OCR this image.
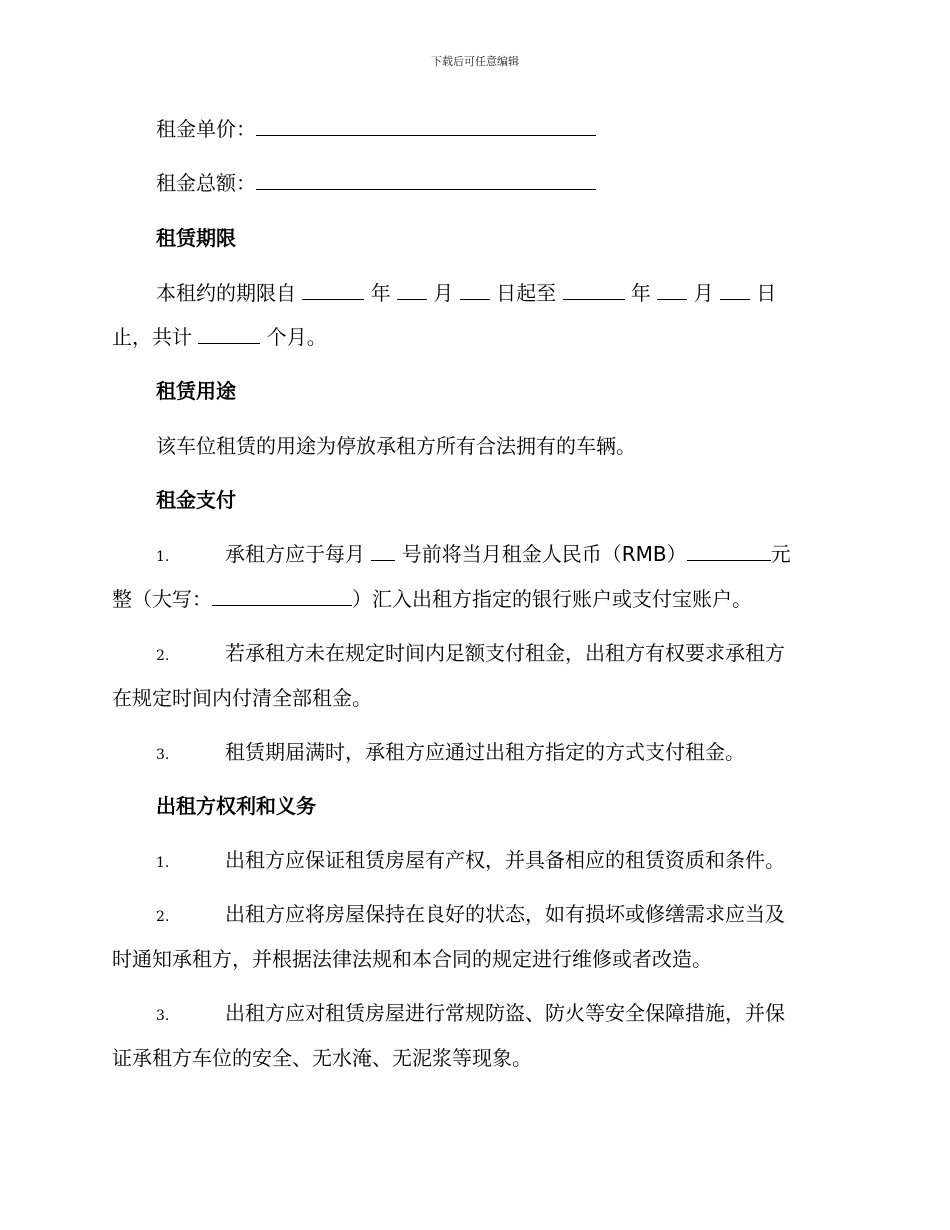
下载后可任意编辑
租金单价：
租金总额：
租赁期限
本租约的期限自	年  月  日起至	年  月  日
止，共计	个月。
租赁用途
该车位租赁的用途为停放承租方所有合法拥有的车辆。
租金支付
1.	承租方应于每月  号前将当月租金人民币（RMB）	元
整（大写：	）汇入出租方指定的银行账户或支付宝账户。
2.	若承租方未在规定时间内足额支付租金，出租方有权要求承租方
在规定时间内付清全部租金。
3.	租赁期届满时，承租方应通过出租方指定的方式支付租金。
出租方权利和义务
1.	出租方应保证租赁房屋有产权，并具备相应的租赁资质和条件。
2.	出租方应将房屋保持在良好的状态，如有损坏或修缮需求应当及
时通知承租方，并根据法律法规和本合同的规定进行维修或者改造。
3.	出租方应对租赁房屋进行常规防盗、防火等安全保障措施，并保
证承租方车位的安全、无水淹、无泥浆等现象。
